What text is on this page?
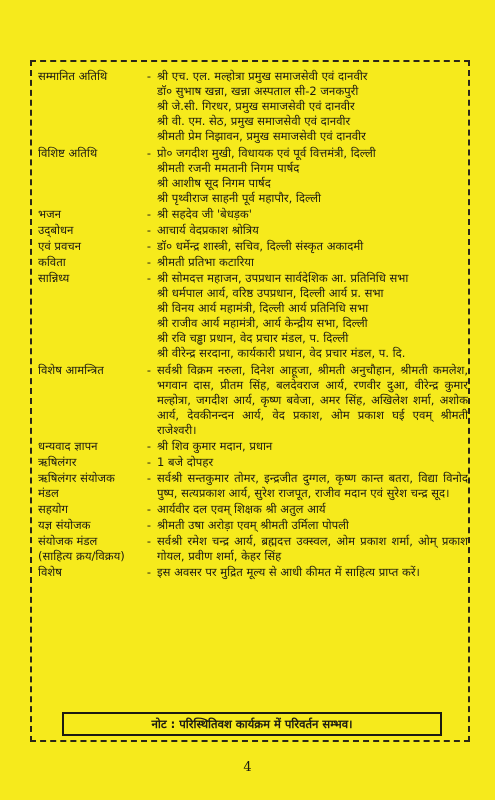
सम्मानित अतिथि	- श्री एच. एल. मल्होत्रा प्रमुख समाजसेवी एवं दानवीर
डॉ० सुभाष खन्ना, खन्ना अस्पताल सी-2 जनकपुरी
श्री जे.सी. गिरधर, प्रमुख समाजसेवी एवं दानवीर
श्री वी. एम. सेठ, प्रमुख समाजसेवी एवं दानवीर
श्रीमती प्रेम निझावन, प्रमुख समाजसेवी एवं दानवीर
विशिष्ट अतिथि	- प्रो० जगदीश मुखी, विधायक एवं पूर्व वित्तमंत्री, दिल्ली
श्रीमती रजनी ममतानी निगम पार्षद
श्री आशीष सूद निगम पार्षद
श्री पृथ्वीराज साहनी पूर्व महापौर, दिल्ली
भजन	- श्री सहदेव जी 'बेधड़क'
उद्‍बोधन	- आचार्य वेदप्रकाश श्रोत्रिय
एवं प्रवचन	- डॉ० धर्मेन्द्र शास्त्री, सचिव, दिल्ली संस्कृत अकादमी
कविता	- श्रीमती प्रतिभा कटारिया
सान्निध्य	- श्री सोमदत्त महाजन, उपप्रधान सार्वदेशिक आ. प्रतिनिधि सभा
श्री धर्मपाल आर्य, वरिष्ठ उपप्रधान, दिल्ली आर्य प्र. सभा
श्री विनय आर्य महामंत्री, दिल्ली आर्य प्रतिनिधि सभा
श्री राजीव आर्य महामंत्री, आर्य केन्द्रीय सभा, दिल्ली
श्री रवि चड्ढा प्रधान, वेद प्रचार मंडल, प. दिल्ली
श्री वीरेन्द्र सरदाना, कार्यकारी प्रधान, वेद प्रचार मंडल, प. दि.
विशेष आमन्त्रित	- सर्वश्री विक्रम नरुला, दिनेश आहूजा, श्रीमती अनुचौहान, श्रीमती कमलेश, भगवान दास, प्रीतम सिंह, बलदेवराज आर्य, रणवीर दुआ, वीरेन्द्र कुमार मल्होत्रा, जगदीश आर्य, कृष्ण बवेजा, अमर सिंह, अखिलेश शर्मा, अशोक आर्य, देवकीनन्दन आर्य, वेद प्रकाश, ओम प्रकाश घई एवम् श्रीमती राजेश्वरी।
धन्यवाद ज्ञापन	- श्री शिव कुमार मदान, प्रधान
ऋषिलंगर	- 1 बजे दोपहर
ऋषिलंगर संयोजक
मंडल
- सर्वश्री सन्तकुमार तोमर, इन्द्रजीत दुग्गल, कृष्ण कान्त बतरा, विद्या विनोद पुष्प, सत्यप्रकाश आर्य, सुरेश राजपूत, राजीव मदान एवं सुरेश चन्द्र सूद।
सहयोग	- आर्यवीर दल एवम् शिक्षक श्री अतुल आर्य
यज्ञ संयोजक	- श्रीमती उषा अरोड़ा एवम् श्रीमती उर्मिला पोपली
संयोजक मंडल
(साहित्य क्रय/विक्रय)
- सर्वश्री रमेश चन्द्र आर्य, ब्रह्मदत्त उक्स्वल, ओम प्रकाश शर्मा, ओम् प्रकाश गोयल, प्रवीण शर्मा, केहर सिंह
विशेष	- इस अवसर पर मुद्रित मूल्य से आधी कीमत में साहित्य प्राप्त करें।
नोट : परिस्थितिवश कार्यक्रम में परिवर्तन सम्भव।
4
